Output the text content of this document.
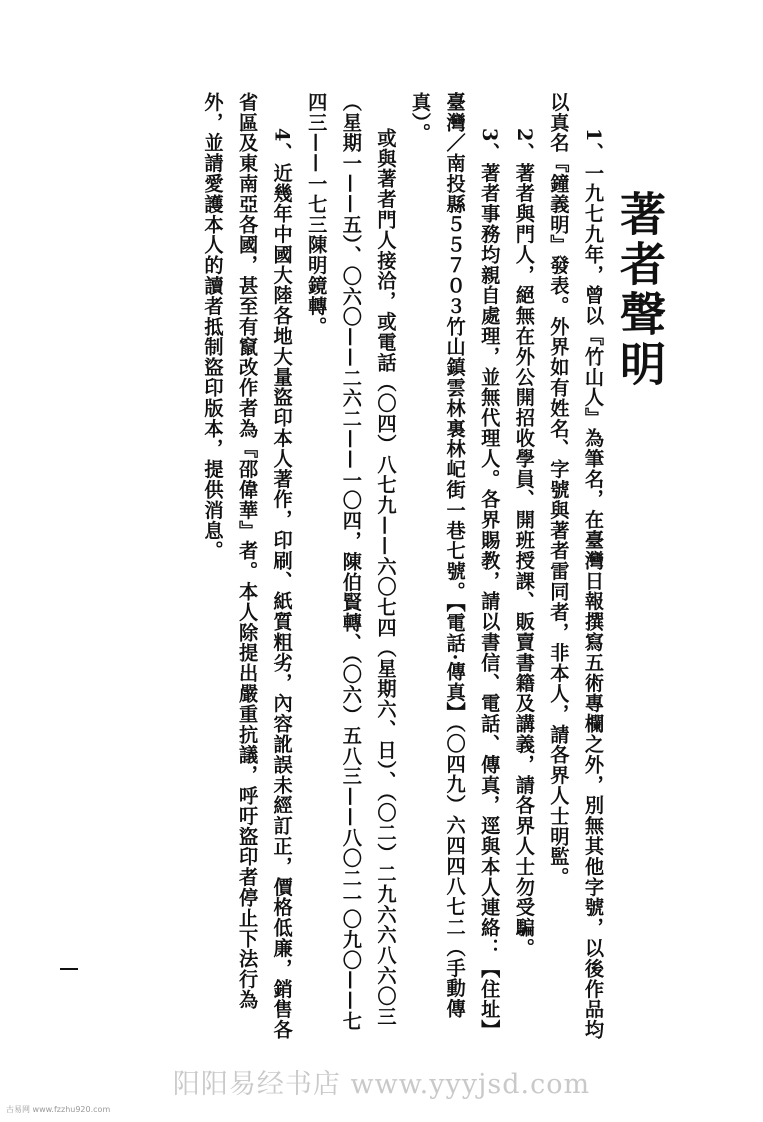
著者聲明

1、一九七九年，曾以『竹山人』為筆名，在臺灣日報撰寫五術專欄之外，別無其他字號，以後作品均以真名『鐘義明』發表。外界如有姓名、字號與著者雷同者，非本人，請各界人士明監。

2、著者與門人，絕無在外公開招收學員、開班授課、販賣書籍及講義，請各界人士勿受騙。

3、著者事務均親自處理，並無代理人。各界賜教，請以書信、電話、傳真，逕與本人連絡：【住址】臺灣／南投縣５５７０３竹山鎮雲林裏林屺街一巷七號。【電話·傳真】（〇四九）六四四八七二（手動傳真）。

或與著者門人接洽，或電話（〇四）八七九——六〇七四（星期六、日）、（〇二）二九六六八六〇三（星期一——五）、〇六〇——二六二——一〇四，陳伯賢轉、（〇六）五八三——八〇二一〇九〇——七四三——一七三陳明鏡轉。

4、近幾年中國大陸各地大量盜印本人著作，印刷、紙質粗劣，內容訛誤未經訂正，價格低廉，銷售各省區及東南亞各國，甚至有竄改作者為『邵偉華』者。本人除提出嚴重抗議，呼吁盜印者停止下法行為外，並請愛護本人的讀者抵制盜印版本，提供消息。

阳阳易经书店 www.yyyjsd.com
古易网 www.fzzhu920.com
